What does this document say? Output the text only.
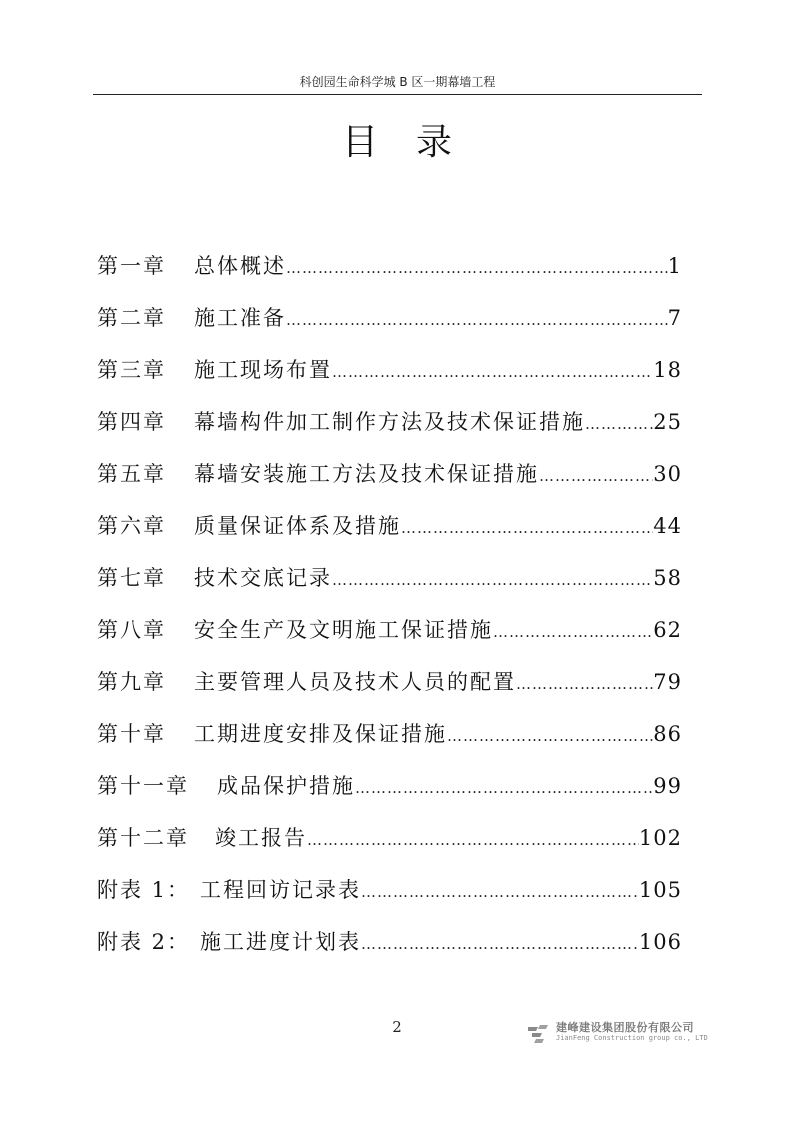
科创园生命科学城 B 区一期幕墙工程
目录
第一章 总体概述 …………………………………………………………………………………………………	1
第二章 施工准备 …………………………………………………………………………………………………	7
第三章 施工现场布置 …………………………………………………………………………………………………	18
第四章 幕墙构件加工制作方法及技术保证措施 …………………………………………………………………………………………………	25
第五章 幕墙安装施工方法及技术保证措施 …………………………………………………………………………………………………	30
第六章 质量保证体系及措施 …………………………………………………………………………………………………	44
第七章 技术交底记录 …………………………………………………………………………………………………	58
第八章 安全生产及文明施工保证措施 …………………………………………………………………………………………………	62
第九章 主要管理人员及技术人员的配置 …………………………………………………………………………………………………	79
第十章 工期进度安排及保证措施 …………………………………………………………………………………………………	86
第十一章 成品保护措施 …………………………………………………………………………………………………	99
第十二章 竣工报告 …………………………………………………………………………………………………	102
附表 1： 工程回访记录表 …………………………………………………………………………………………………	105
附表 2： 施工进度计划表 …………………………………………………………………………………………………	106
2	建峰建设集团股份有限公司
JianFeng Construction group co., LTD
